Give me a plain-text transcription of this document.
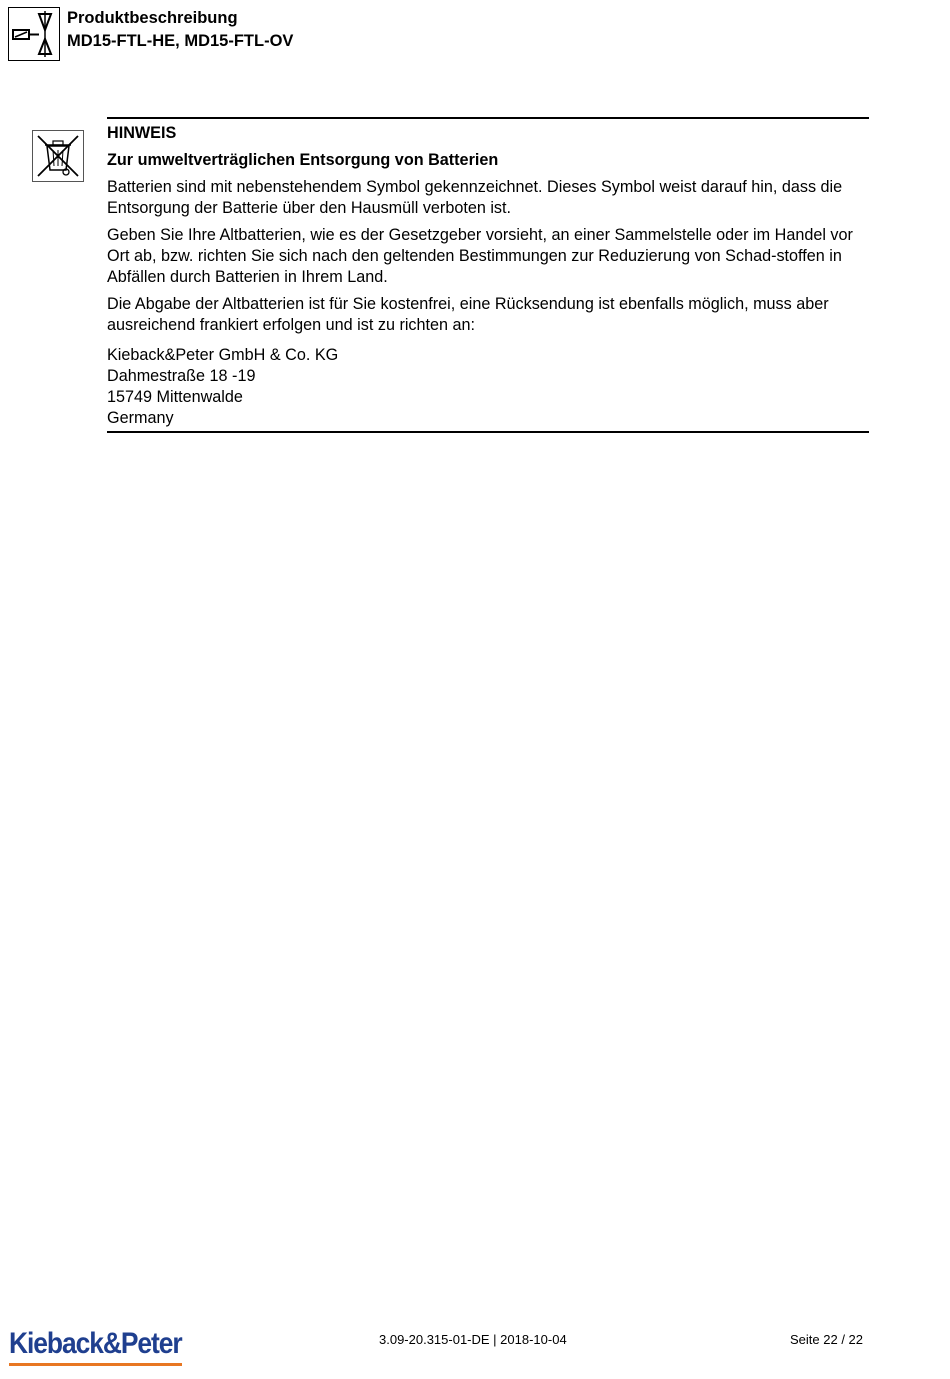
Produktbeschreibung
MD15-FTL-HE, MD15-FTL-OV
HINWEIS
Zur umweltverträglichen Entsorgung von Batterien

Batterien sind mit nebenstehendem Symbol gekennzeichnet. Dieses Symbol weist darauf hin, dass die Entsorgung der Batterie über den Hausmüll verboten ist.

Geben Sie Ihre Altbatterien, wie es der Gesetzgeber vorsieht, an einer Sammelstelle oder im Handel vor Ort ab, bzw. richten Sie sich nach den geltenden Bestimmungen zur Reduzierung von Schad-stoffen in Abfällen durch Batterien in Ihrem Land.

Die Abgabe der Altbatterien ist für Sie kostenfrei, eine Rücksendung ist ebenfalls möglich, muss aber ausreichend frankiert erfolgen und ist zu richten an:

Kieback&Peter GmbH & Co. KG
Dahmestraße 18 -19
15749 Mittenwalde
Germany
Kieback&Peter	3.09-20.315-01-DE | 2018-10-04	Seite 22 / 22
